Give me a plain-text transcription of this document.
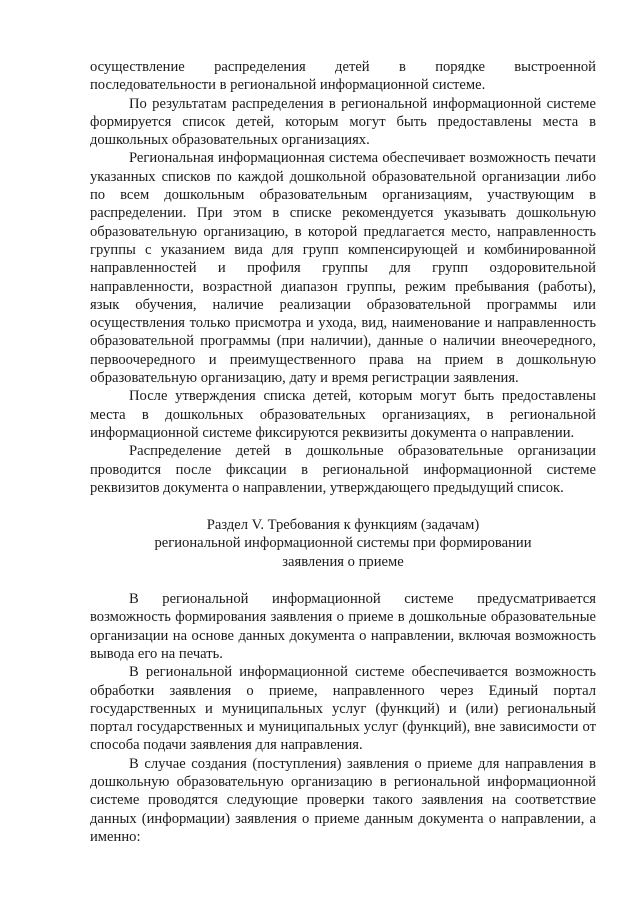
осуществление распределения детей в порядке выстроенной последовательности в региональной информационной системе.

По результатам распределения в региональной информационной системе формируется список детей, которым могут быть предоставлены места в дошкольных образовательных организациях.

Региональная информационная система обеспечивает возможность печати указанных списков по каждой дошкольной образовательной организации либо по всем дошкольным образовательным организациям, участвующим в распределении. При этом в списке рекомендуется указывать дошкольную образовательную организацию, в которой предлагается место, направленность группы с указанием вида для групп компенсирующей и комбинированной направленностей и профиля группы для групп оздоровительной направленности, возрастной диапазон группы, режим пребывания (работы), язык обучения, наличие реализации образовательной программы или осуществления только присмотра и ухода, вид, наименование и направленность образовательной программы (при наличии), данные о наличии внеочередного, первоочередного и преимущественного права на прием в дошкольную образовательную организацию, дату и время регистрации заявления.

После утверждения списка детей, которым могут быть предоставлены места в дошкольных образовательных организациях, в региональной информационной системе фиксируются реквизиты документа о направлении.

Распределение детей в дошкольные образовательные организации проводится после фиксации в региональной информационной системе реквизитов документа о направлении, утверждающего предыдущий список.

Раздел V. Требования к функциям (задачам)
региональной информационной системы при формировании
заявления о приеме

В региональной информационной системе предусматривается возможность формирования заявления о приеме в дошкольные образовательные организации на основе данных документа о направлении, включая возможность вывода его на печать.

В региональной информационной системе обеспечивается возможность обработки заявления о приеме, направленного через Единый портал государственных и муниципальных услуг (функций) и (или) региональный портал государственных и муниципальных услуг (функций), вне зависимости от способа подачи заявления для направления.

В случае создания (поступления) заявления о приеме для направления в дошкольную образовательную организацию в региональной информационной системе проводятся следующие проверки такого заявления на соответствие данных (информации) заявления о приеме данным документа о направлении, а именно:
